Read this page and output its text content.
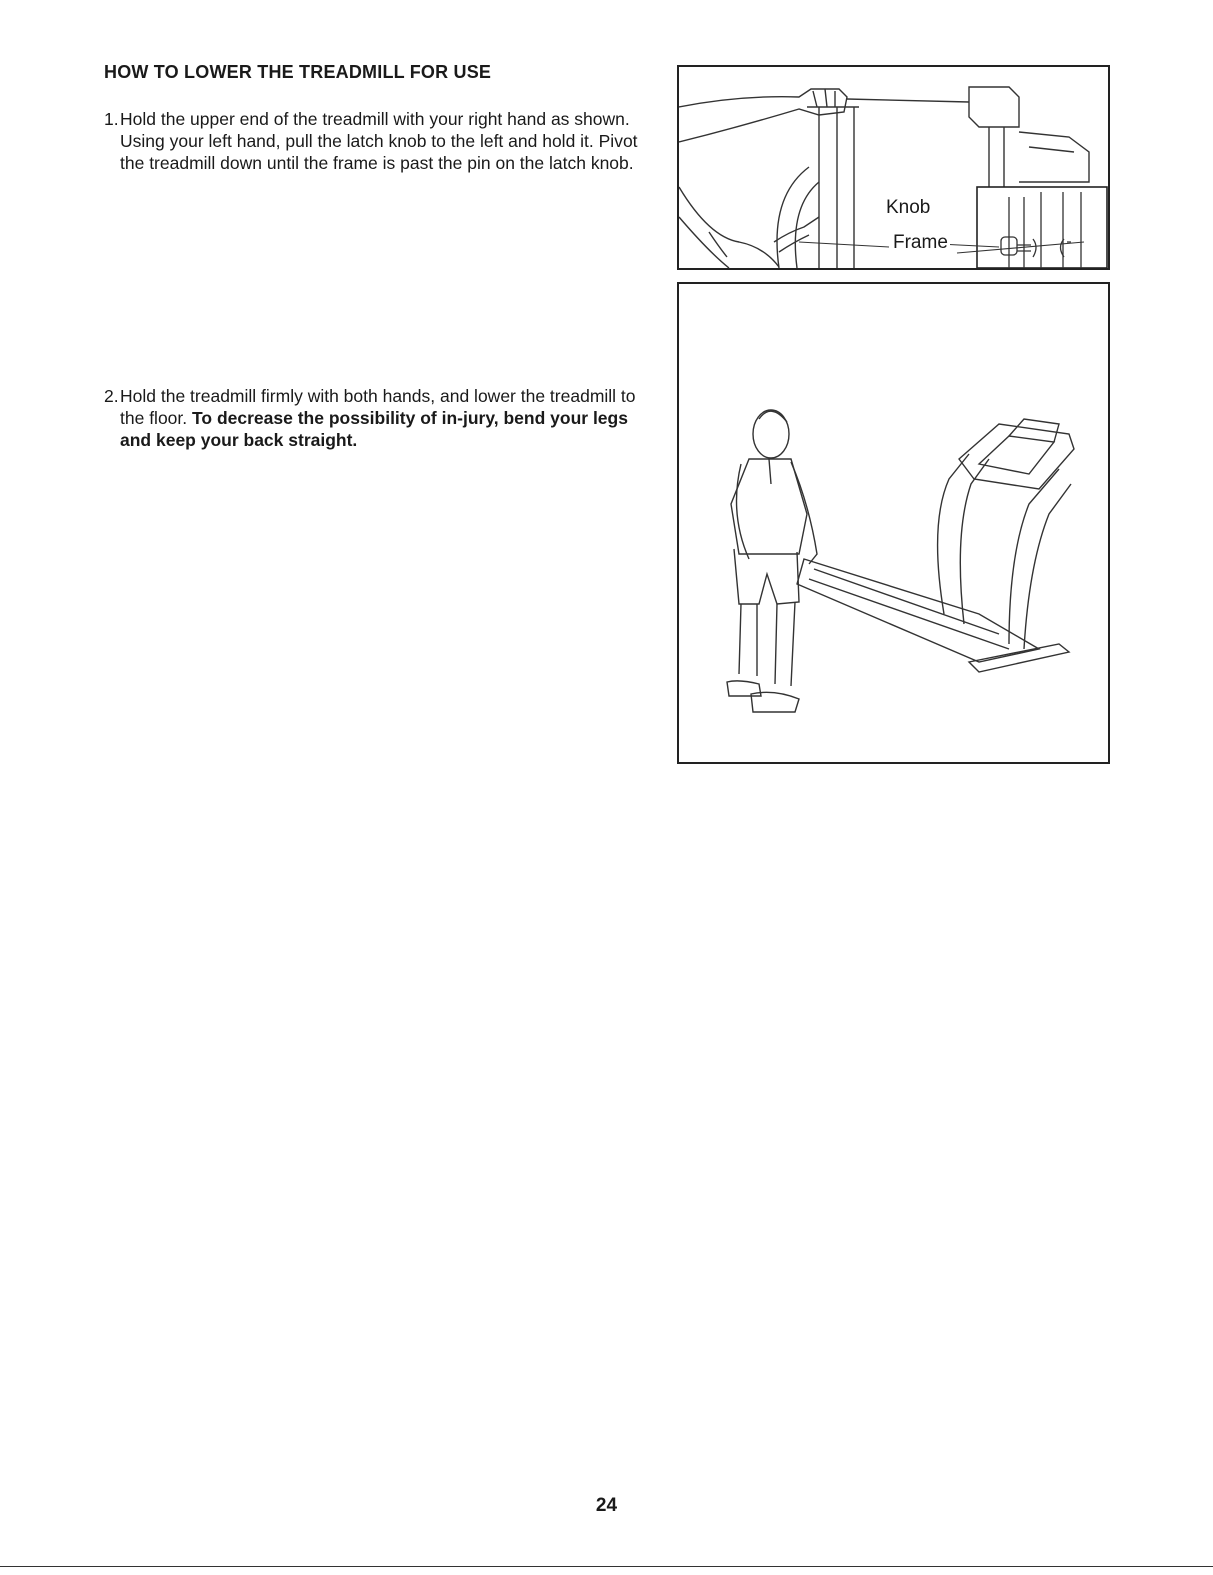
HOW TO LOWER THE TREADMILL FOR USE
1. Hold the upper end of the treadmill with your right hand as shown. Using your left hand, pull the latch knob to the left and hold it. Pivot the treadmill down until the frame is past the pin on the latch knob.
2. Hold the treadmill firmly with both hands, and lower the treadmill to the floor. To decrease the possibility of in-jury, bend your legs and keep your back straight.
Knob
Frame
24
